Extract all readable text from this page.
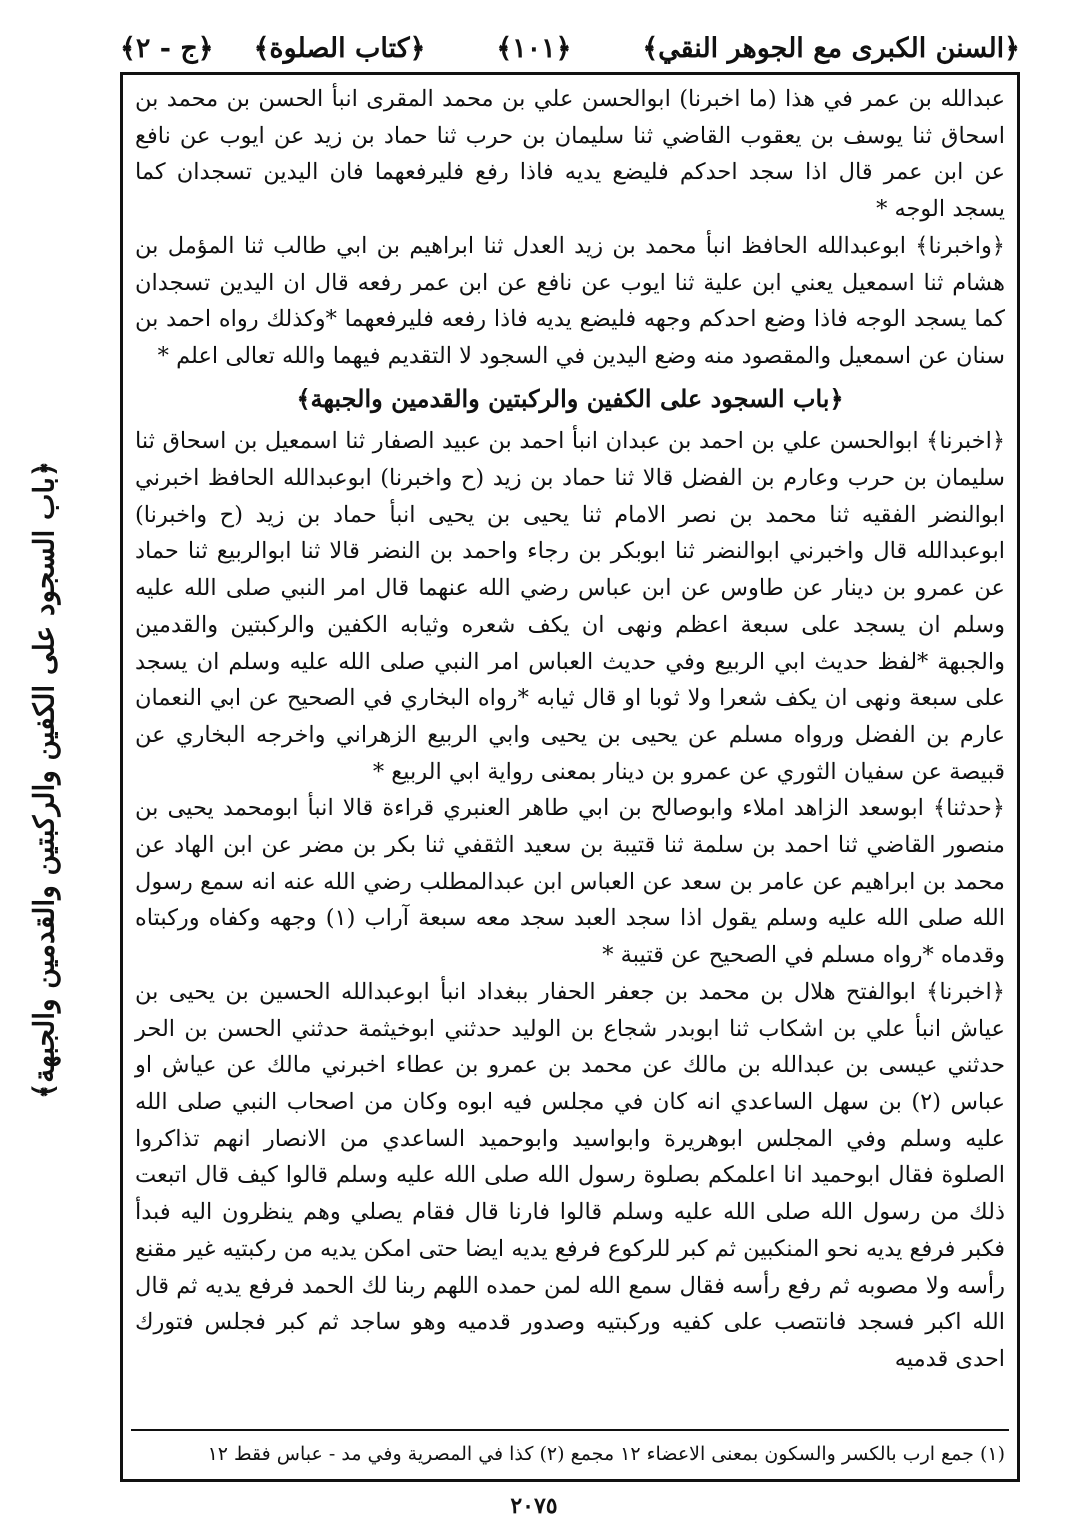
﴿السنن الكبرى مع الجوهر النقي﴾
﴿١٠١﴾
﴿كتاب الصلوة﴾
﴿ج - ٢﴾
﴿باب السجود على الكفين والركبتين والقدمين والجبهة﴾

عبدالله بن عمر في هذا (ما اخبرنا) ابوالحسن علي بن محمد المقرى انبأ الحسن بن محمد بن اسحاق ثنا يوسف بن يعقوب القاضي ثنا سليمان بن حرب ثنا حماد بن زيد عن ايوب عن نافع عن ابن عمر قال اذا سجد احدكم فليضع يديه فاذا رفع فليرفعهما فان اليدين تسجدان كما يسجد الوجه *

﴿واخبرنا﴾ ابوعبدالله الحافظ انبأ محمد بن زيد العدل ثنا ابراهيم بن ابي طالب ثنا المؤمل بن هشام ثنا اسمعيل يعني ابن علية ثنا ايوب عن نافع عن ابن عمر رفعه قال ان اليدين تسجدان كما يسجد الوجه فاذا وضع احدكم وجهه فليضع يديه فاذا رفعه فليرفعهما *وكذلك رواه احمد بن سنان عن اسمعيل والمقصود منه وضع اليدين في السجود لا التقديم فيهما والله تعالى اعلم *

﴿باب السجود على الكفين والركبتين والقدمين والجبهة﴾

﴿اخبرنا﴾ ابوالحسن علي بن احمد بن عبدان انبأ احمد بن عبيد الصفار ثنا اسمعيل بن اسحاق ثنا سليمان بن حرب وعارم بن الفضل قالا ثنا حماد بن زيد (ح واخبرنا) ابوعبدالله الحافظ اخبرني ابوالنضر الفقيه ثنا محمد بن نصر الامام ثنا يحيى بن يحيى انبأ حماد بن زيد (ح واخبرنا) ابوعبدالله قال واخبرني ابوالنضر ثنا ابوبكر بن رجاء واحمد بن النضر قالا ثنا ابوالربيع ثنا حماد عن عمرو بن دينار عن طاوس عن ابن عباس رضي الله عنهما قال امر النبي صلى الله عليه وسلم ان يسجد على سبعة اعظم ونهى ان يكف شعره وثيابه الكفين والركبتين والقدمين والجبهة *لفظ حديث ابي الربيع وفي حديث العباس امر النبي صلى الله عليه وسلم ان يسجد على سبعة ونهى ان يكف شعرا ولا ثوبا او قال ثيابه *رواه البخاري في الصحيح عن ابي النعمان عارم بن الفضل ورواه مسلم عن يحيى بن يحيى وابي الربيع الزهراني واخرجه البخاري عن قبيصة عن سفيان الثوري عن عمرو بن دينار بمعنى رواية ابي الربيع *

﴿حدثنا﴾ ابوسعد الزاهد املاء وابوصالح بن ابي طاهر العنبري قراءة قالا انبأ ابومحمد يحيى بن منصور القاضي ثنا احمد بن سلمة ثنا قتيبة بن سعيد الثقفي ثنا بكر بن مضر عن ابن الهاد عن محمد بن ابراهيم عن عامر بن سعد عن العباس ابن عبدالمطلب رضي الله عنه انه سمع رسول الله صلى الله عليه وسلم يقول اذا سجد العبد سجد معه سبعة آراب (١) وجهه وكفاه وركبتاه وقدماه *رواه مسلم في الصحيح عن قتيبة *

﴿اخبرنا﴾ ابوالفتح هلال بن محمد بن جعفر الحفار ببغداد انبأ ابوعبدالله الحسين بن يحيى بن عياش انبأ علي بن اشكاب ثنا ابوبدر شجاع بن الوليد حدثني ابوخيثمة حدثني الحسن بن الحر حدثني عيسى بن عبدالله بن مالك عن محمد بن عمرو بن عطاء اخبرني مالك عن عياش او عباس (٢) بن سهل الساعدي انه كان في مجلس فيه ابوه وكان من اصحاب النبي صلى الله عليه وسلم وفي المجلس ابوهريرة وابواسيد وابوحميد الساعدي من الانصار انهم تذاكروا الصلوة فقال ابوحميد انا اعلمكم بصلوة رسول الله صلى الله عليه وسلم قالوا كيف قال اتبعت ذلك من رسول الله صلى الله عليه وسلم قالوا فارنا قال فقام يصلي وهم ينظرون اليه فبدأ فكبر فرفع يديه نحو المنكبين ثم كبر للركوع فرفع يديه ايضا حتى امكن يديه من ركبتيه غير مقنع رأسه ولا مصوبه ثم رفع رأسه فقال سمع الله لمن حمده اللهم ربنا لك الحمد فرفع يديه ثم قال الله اكبر فسجد فانتصب على كفيه وركبتيه وصدور قدميه وهو ساجد ثم كبر فجلس فتورك احدى قدميه

(١) جمع ارب بالكسر والسكون بمعنى الاعضاء ١٢ مجمع (٢) كذا في المصرية وفي مد - عباس فقط ١٢
٢٠٧٥
